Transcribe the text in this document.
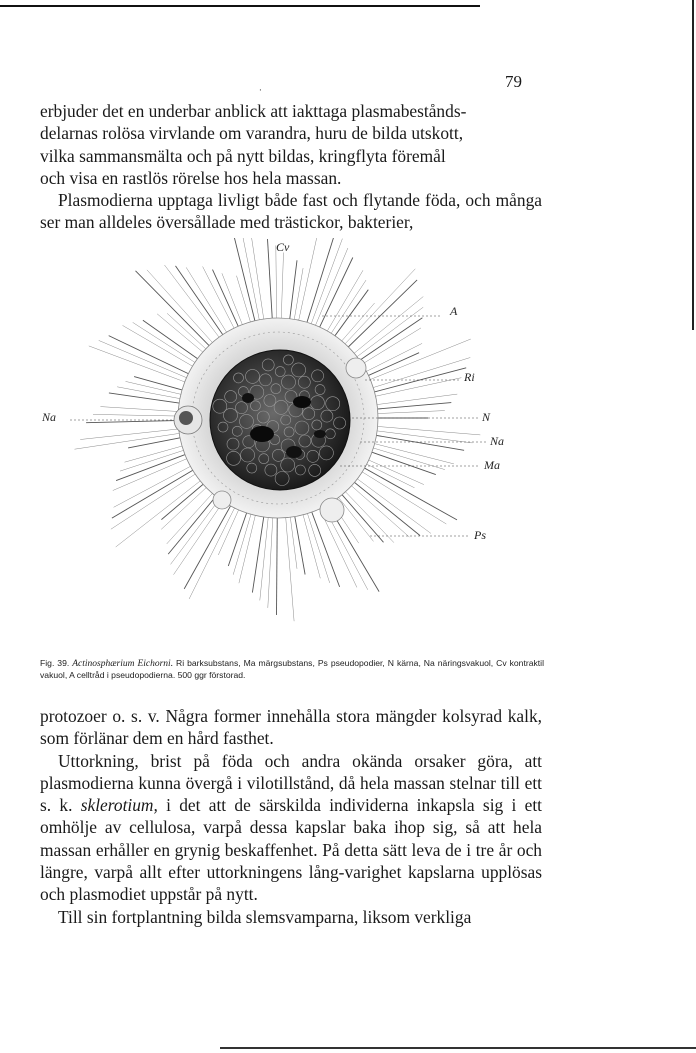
·	79
erbjuder det en underbar anblick att iakttaga plasmabestånds-
delarnas rolösa virvlande om varandra, huru de bilda utskott,
vilka sammansmälta och på nytt bildas, kringflyta föremål
och visa en rastlös rörelse hos hela massan.
Plasmodierna upptaga livligt både fast och flytande föda, och många ser man alldeles översållade med trästickor, bakterier,
Cv
A
Ri
Na	N
Na
Ma
Ps
Fig. 39. Actinosphærium Eichorni. Ri barksubstans, Ma märgsubstans, Ps pseudopodier, N kärna, Na näringsvakuol, Cv kontraktil vakuol, A celltråd i pseudopodierna. 500 ggr förstorad.
protozoer o. s. v. Några former innehålla stora mängder kolsyrad kalk, som förlänar dem en hård fasthet.
Uttorkning, brist på föda och andra okända orsaker göra, att plasmodierna kunna övergå i vilotillstånd, då hela massan stelnar till ett s. k. sklerotium, i det att de särskilda individerna inkapsla sig i ett omhölje av cellulosa, varpå dessa kapslar baka ihop sig, så att hela massan erhåller en grynig beskaffenhet. På detta sätt leva de i tre år och längre, varpå allt efter uttorkningens lång-varighet kapslarna upplösas och plasmodiet uppstår på nytt.
Till sin fortplantning bilda slemsvamparna, liksom verkliga
